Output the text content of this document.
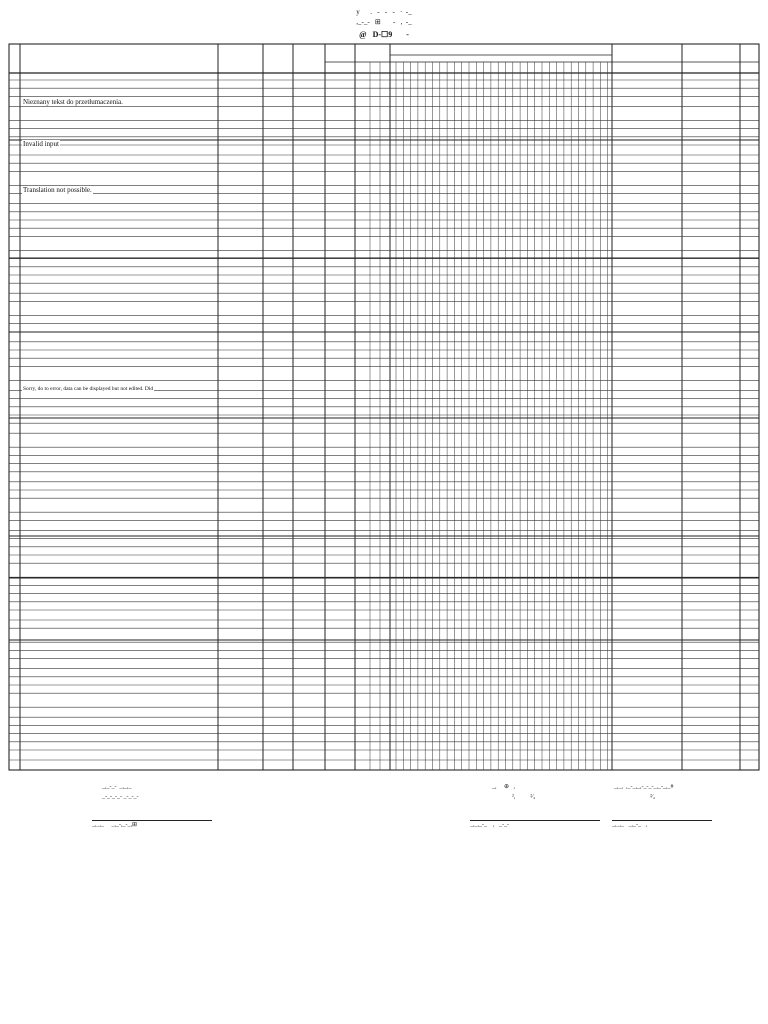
y      .   -   -   -   ·  -_
,_-_-   ⊞       -   ,  -_
@   D-☐9       -
Nieznany tekst do przetłumaczenia.
Invalid input
Translation not possible.
Sorry, do to error, data can be displayed but not edited. Did
_,_-_-  _,_,_
_-_-_-_- _-_-_-
_,     ⊕   ,
²,          ²⁄₄
_,_,  ,_-_,_,-_-_-_,_-_,_#
²⁄₄
_,_,_     _,_-,_-_,⊞	_,_,_-_    ,   _-_-	_,_,_   _,_-_   ,
